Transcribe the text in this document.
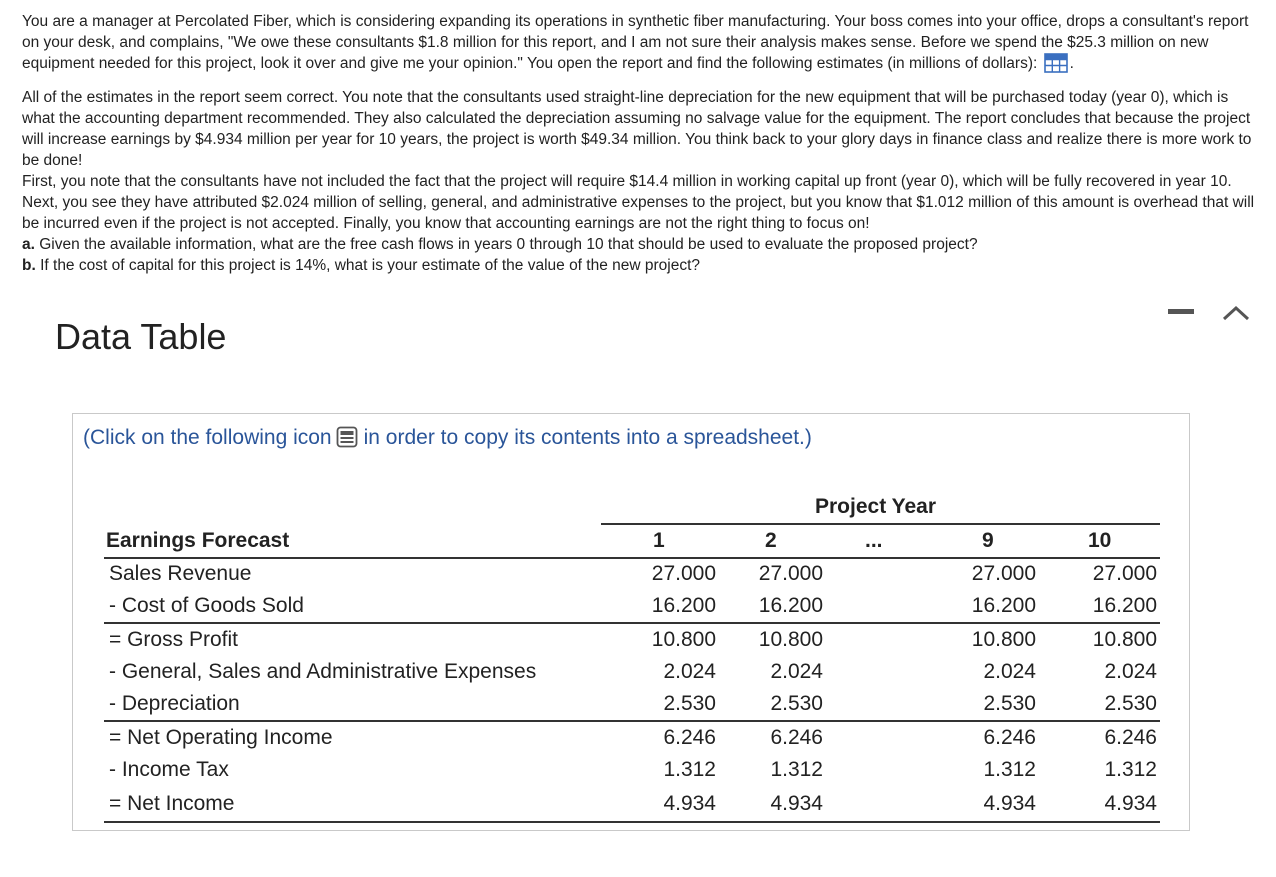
You are a manager at Percolated Fiber, which is considering expanding its operations in synthetic fiber manufacturing. Your boss comes into your office, drops a consultant's report on your desk, and complains, "We owe these consultants $1.8 million for this report, and I am not sure their analysis makes sense. Before we spend the $25.3 million on new equipment needed for this project, look it over and give me your opinion." You open the report and find the following estimates (in millions of dollars): .

All of the estimates in the report seem correct. You note that the consultants used straight-line depreciation for the new equipment that will be purchased today (year 0), which is what the accounting department recommended. They also calculated the depreciation assuming no salvage value for the equipment. The report concludes that because the project will increase earnings by $4.934 million per year for 10 years, the project is worth $49.34 million. You think back to your glory days in finance class and realize there is more work to be done!

First, you note that the consultants have not included the fact that the project will require $14.4 million in working capital up front (year 0), which will be fully recovered in year 10. Next, you see they have attributed $2.024 million of selling, general, and administrative expenses to the project, but you know that $1.012 million of this amount is overhead that will be incurred even if the project is not accepted. Finally, you know that accounting earnings are not the right thing to focus on!

a. Given the available information, what are the free cash flows in years 0 through 10 that should be used to evaluate the proposed project?

b. If the cost of capital for this project is 14%, what is your estimate of the value of the new project?

Data Table
(Click on the following icon in order to copy its contents into a spreadsheet.)
Project Year
Earnings Forecast	1	2	...	9	10
Sales Revenue	27.000 27.000	27.000	27.000
- Cost of Goods Sold	16.200 16.200	16.200	16.200
= Gross Profit	10.800 10.800	10.800	10.800
- General, Sales and Administrative Expenses	2.024	2.024	2.024	2.024
- Depreciation	2.530	2.530	2.530	2.530
= Net Operating Income	6.246	6.246	6.246	6.246
- Income Tax	1.312	1.312	1.312	1.312
= Net Income	4.934	4.934	4.934	4.934
